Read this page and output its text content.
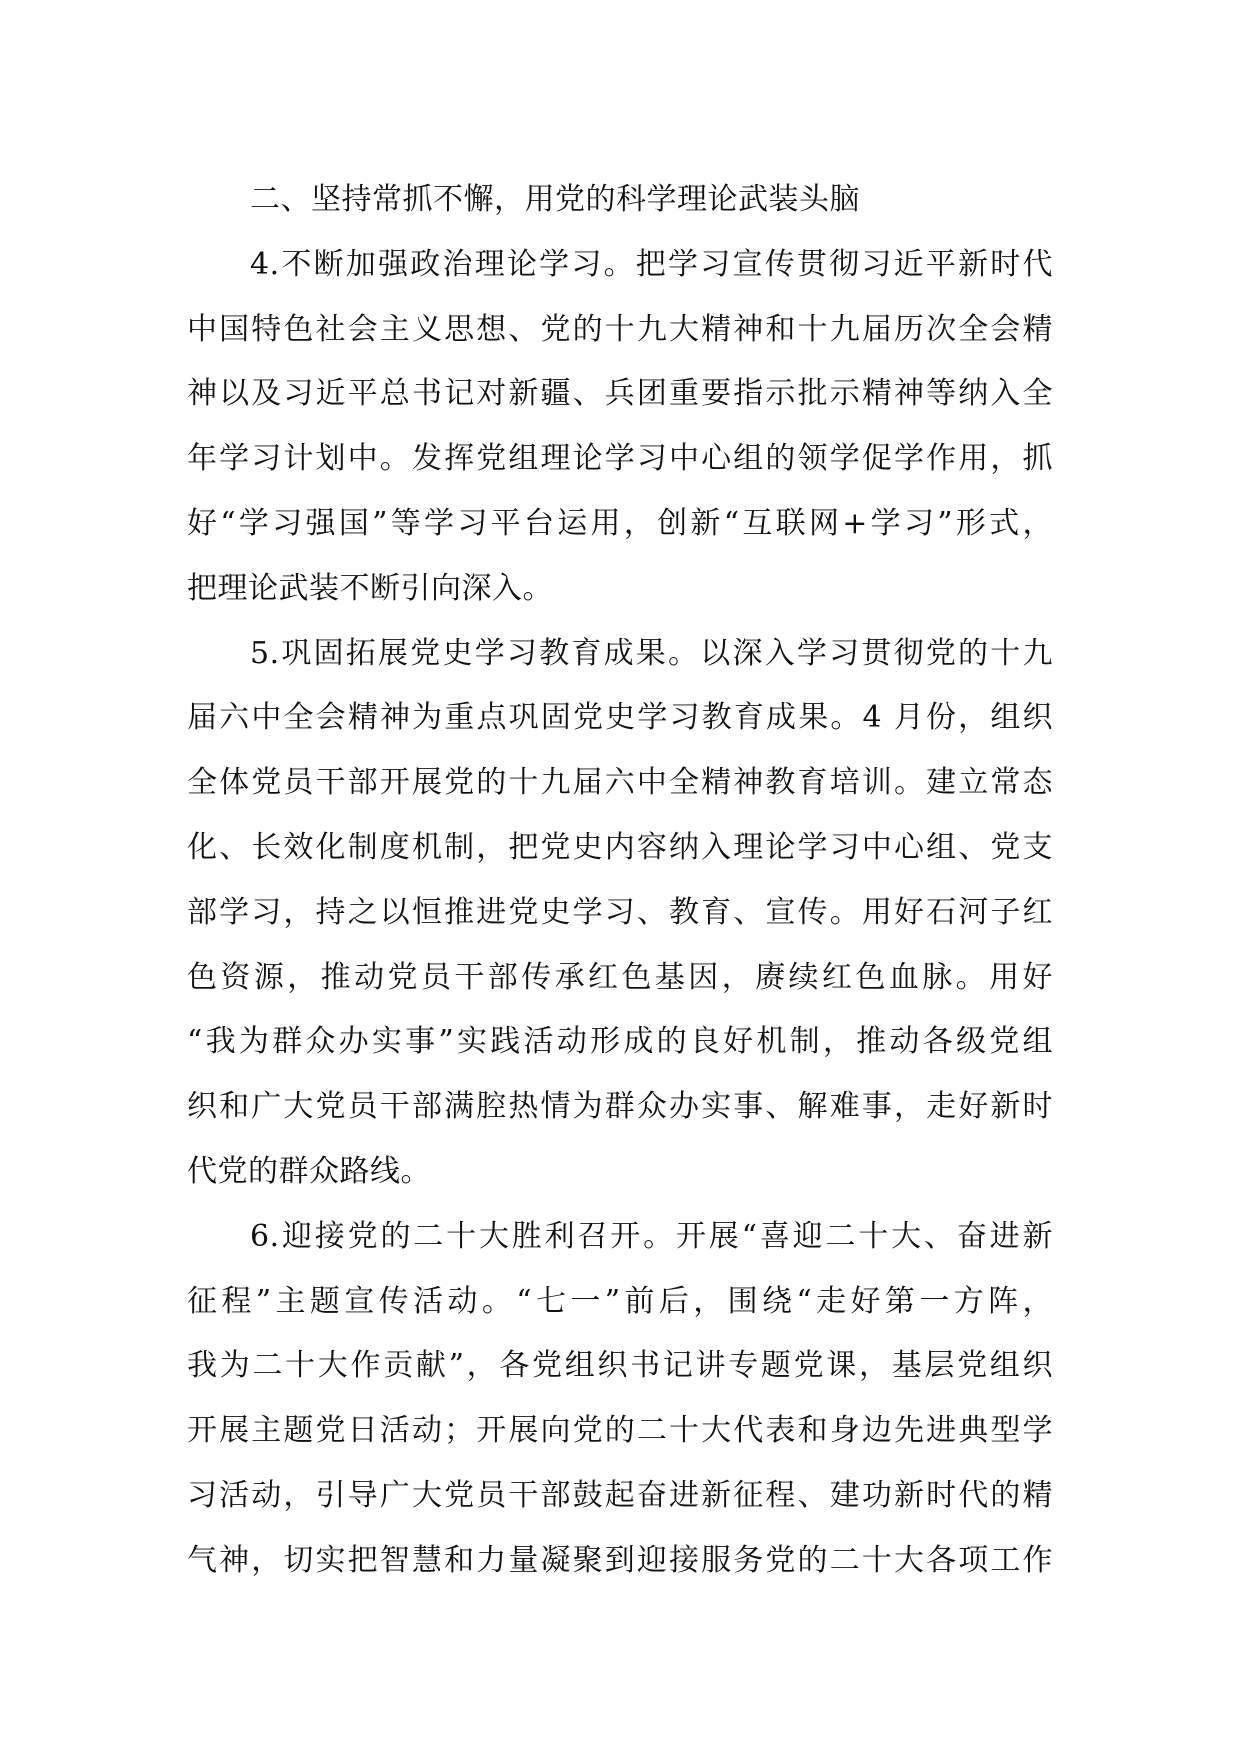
二、坚持常抓不懈，用党的科学理论武装头脑
4.不断加强政治理论学习。把学习宣传贯彻习近平新时代
中国特色社会主义思想、党的十九大精神和十九届历次全会精
神以及习近平总书记对新疆、兵团重要指示批示精神等纳入全
年学习计划中。发挥党组理论学习中心组的领学促学作用，抓
好“学习强国”等学习平台运用，创新“互联网+学习”形式，
把理论武装不断引向深入。
5.巩固拓展党史学习教育成果。以深入学习贯彻党的十九
届六中全会精神为重点巩固党史学习教育成果。4 月份，组织
全体党员干部开展党的十九届六中全精神教育培训。建立常态
化、长效化制度机制，把党史内容纳入理论学习中心组、党支
部学习，持之以恒推进党史学习、教育、宣传。用好石河子红
色资源，推动党员干部传承红色基因，赓续红色血脉。用好
“我为群众办实事”实践活动形成的良好机制，推动各级党组
织和广大党员干部满腔热情为群众办实事、解难事，走好新时
代党的群众路线。
6.迎接党的二十大胜利召开。开展“喜迎二十大、奋进新
征程”主题宣传活动。“七一”前后，围绕“走好第一方阵，
我为二十大作贡献”，各党组织书记讲专题党课，基层党组织
开展主题党日活动；开展向党的二十大代表和身边先进典型学
习活动，引导广大党员干部鼓起奋进新征程、建功新时代的精
气神，切实把智慧和力量凝聚到迎接服务党的二十大各项工作
